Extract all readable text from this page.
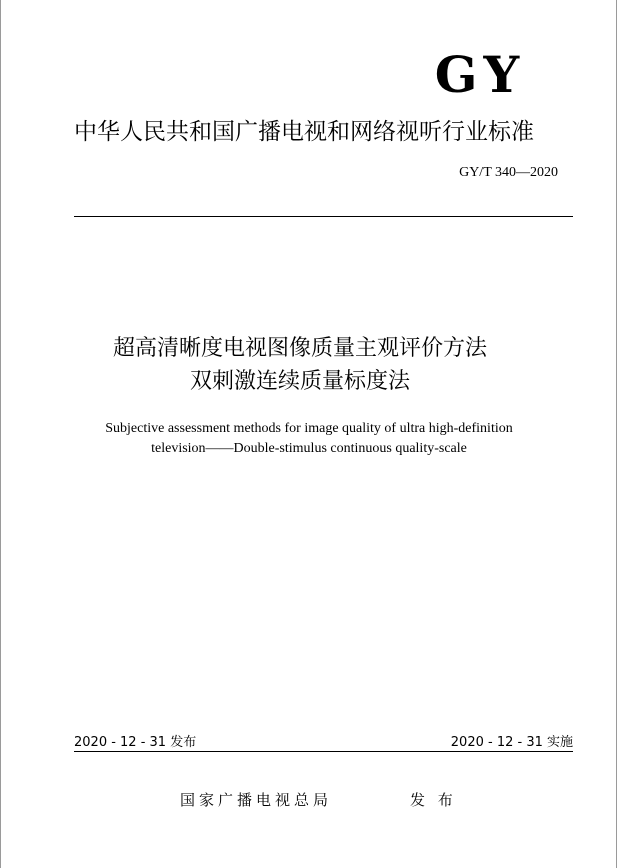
GY
中华人民共和国广播电视和网络视听行业标准
GY/T 340—2020
超高清晰度电视图像质量主观评价方法
双刺激连续质量标度法
Subjective assessment methods for image quality of ultra high-definition
television——Double-stimulus continuous quality-scale
2020 - 12 - 31 发布	2020 - 12 - 31 实施
国家广播电视总局	发 布
